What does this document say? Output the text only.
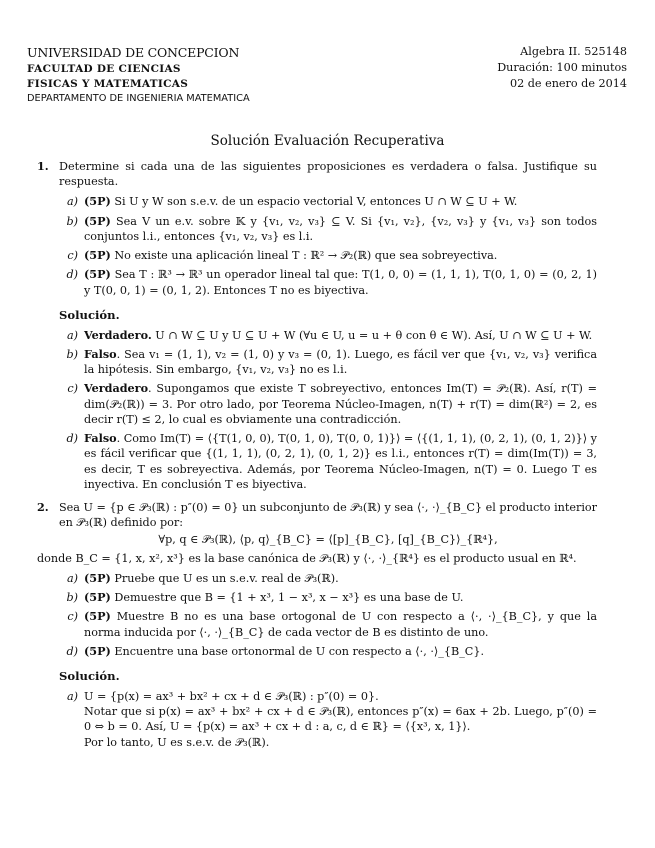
UNIVERSIDAD DE CONCEPCION
FACULTAD DE CIENCIAS
FISICAS Y MATEMATICAS
DEPARTAMENTO DE INGENIERIA MATEMATICA
Algebra II. 525148
Duración: 100 minutos
02 de enero de 2014
Solución Evaluación Recuperativa
1. Determine si cada una de las siguientes proposiciones es verdadera o falsa. Justifique su respuesta.
a) (5P) Si U y W son s.e.v. de un espacio vectorial V, entonces U ∩ W ⊆ U + W.
b) (5P) Sea V un e.v. sobre 𝕂 y {v₁, v₂, v₃} ⊆ V. Si {v₁, v₂}, {v₂, v₃} y {v₁, v₃} son todos conjuntos l.i., entonces {v₁, v₂, v₃} es l.i.
c) (5P) No existe una aplicación lineal T : ℝ² → 𝒫₂(ℝ) que sea sobreyectiva.
d) (5P) Sea T : ℝ³ → ℝ³ un operador lineal tal que: T(1, 0, 0) = (1, 1, 1), T(0, 1, 0) = (0, 2, 1) y T(0, 0, 1) = (0, 1, 2). Entonces T no es biyectiva.
Solución.
a) Verdadero. U ∩ W ⊆ U y U ⊆ U + W (∀u ∈ U, u = u + θ con θ ∈ W). Así, U ∩ W ⊆ U + W.
b) Falso. Sea v₁ = (1, 1), v₂ = (1, 0) y v₃ = (0, 1). Luego, es fácil ver que {v₁, v₂, v₃} verifica la hipótesis. Sin embargo, {v₁, v₂, v₃} no es l.i.
c) Verdadero. Supongamos que existe T sobreyectivo, entonces Im(T) = 𝒫₂(ℝ). Así, r(T) = dim(𝒫₂(ℝ)) = 3. Por otro lado, por Teorema Núcleo-Imagen, n(T) + r(T) = dim(ℝ²) = 2, es decir r(T) ≤ 2, lo cual es obviamente una contradicción.
d) Falso. Como Im(T) = ⟨{T(1, 0, 0), T(0, 1, 0), T(0, 0, 1)}⟩ = ⟨{(1, 1, 1), (0, 2, 1), (0, 1, 2)}⟩ y es fácil verificar que {(1, 1, 1), (0, 2, 1), (0, 1, 2)} es l.i., entonces r(T) = dim(Im(T)) = 3, es decir, T es sobreyectiva. Además, por Teorema Núcleo-Imagen, n(T) = 0. Luego T es inyectiva. En conclusión T es biyectiva.
2. Sea U = {p ∈ 𝒫₃(ℝ) : p″(0) = 0} un subconjunto de 𝒫₃(ℝ) y sea ⟨·, ·⟩_{B_C} el producto interior en 𝒫₃(ℝ) definido por:
∀p, q ∈ 𝒫₃(ℝ), ⟨p, q⟩_{B_C} = ⟨[p]_{B_C}, [q]_{B_C}⟩_{ℝ⁴},
donde B_C = {1, x, x², x³} es la base canónica de 𝒫₃(ℝ) y ⟨·, ·⟩_{ℝ⁴} es el producto usual en ℝ⁴.
a) (5P) Pruebe que U es un s.e.v. real de 𝒫₃(ℝ).
b) (5P) Demuestre que B = {1 + x³, 1 − x³, x − x³} es una base de U.
c) (5P) Muestre B no es una base ortogonal de U con respecto a ⟨·, ·⟩_{B_C}, y que la norma inducida por ⟨·, ·⟩_{B_C} de cada vector de B es distinto de uno.
d) (5P) Encuentre una base ortonormal de U con respecto a ⟨·, ·⟩_{B_C}.
Solución.
a) U = {p(x) = ax³ + bx² + cx + d ∈ 𝒫₃(ℝ) : p″(0) = 0}.
Notar que si p(x) = ax³ + bx² + cx + d ∈ 𝒫₃(ℝ), entonces p″(x) = 6ax + 2b. Luego, p″(0) = 0 ⇔ b = 0. Así, U = {p(x) = ax³ + cx + d : a, c, d ∈ ℝ} = ⟨{x³, x, 1}⟩.
Por lo tanto, U es s.e.v. de 𝒫₃(ℝ).
